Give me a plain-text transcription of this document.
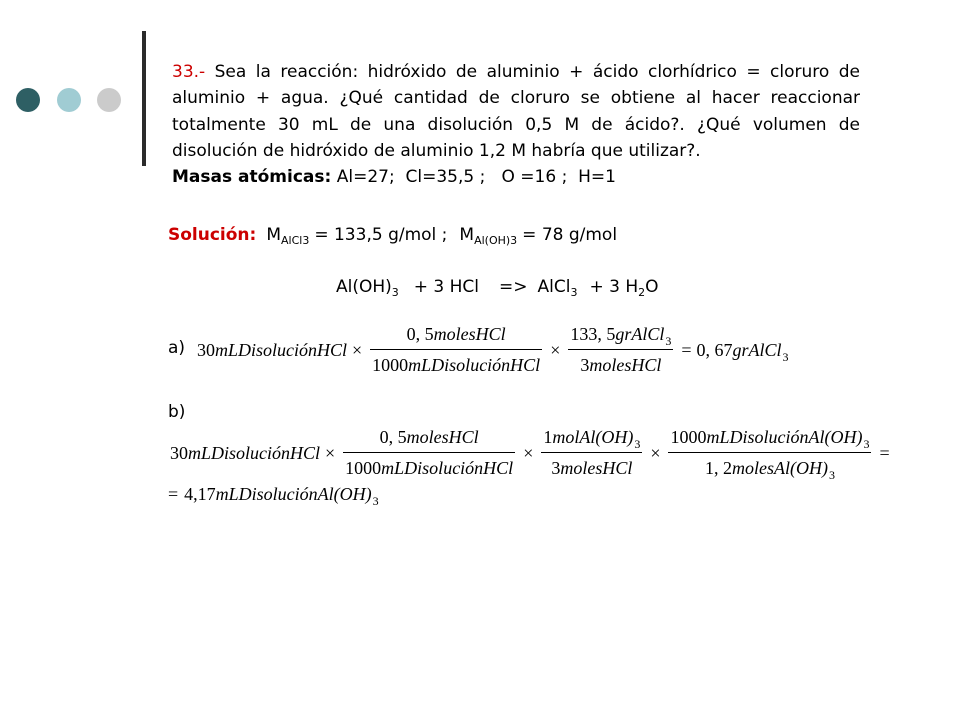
33.- Sea la reacción: hidróxido de aluminio + ácido clorhídrico = cloruro de
aluminio + agua. ¿Qué cantidad de cloruro se obtiene al hacer reaccionar
totalmente 30 mL de una disolución 0,5 M de ácido?. ¿Qué volumen de
disolución de hidróxido de aluminio 1,2 M habría que utilizar?.
Masas atómicas: Al=27;  Cl=35,5 ;   O =16 ;  H=1
Solución: M AlCl3 = 133,5 g/mol ; M Al(OH)3 = 78 g/mol
Al(OH) 3 + 3 HCl => AlCl 3 + 3 H 2 O
a) 30mLDisoluciónHCl × $\frac{\text{0, 5molesHCl}}{\text{1000mLDisoluciónHCl}} \times \frac{133, 5grAlCl_3}{\text{3molesHCl}} = 0$, 67grAlCl$_3$
b)
30mLDisoluciónHCl × $\frac{\text{0, 5molesHCl}}{\text{1000mLDisoluciónHCl}} \times \frac{1molAl(OH)_3}{\text{3molesHCl}} \times \frac{1000mLDisoluciónAl(OH)_3}{1, 2molesAl(OH)_3}$ =
= $4,17mLDisoluciónAl(OH)_3$
